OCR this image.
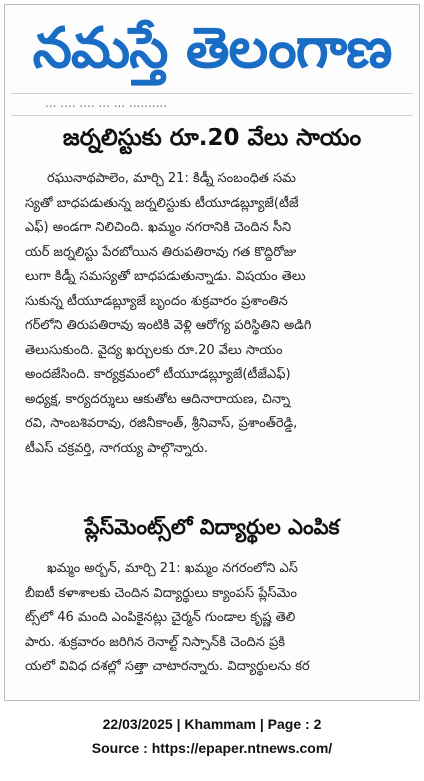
నమస్తే తెలంగాణ
... ..., ..., ... ... ..........
జర్నలిస్టుకు రూ.20 వేలు సాయం
రఘునాథపాలెం, మార్చి 21: కిడ్నీ సంబంధిత సమ
స్యతో బాధపడుతున్న జర్నలిస్టుకు టీయూడబ్ల్యూజే(టీజే
ఎఫ్) అండగా నిలిచింది. ఖమ్మం నగరానికి చెందిన సీని
యర్ జర్నలిస్టు పేరబోయిన తిరుపతిరావు గత కొద్దిరోజు
లుగా కిడ్నీ సమస్యతో బాధపడుతున్నాడు. విషయం తెలు
సుకున్న టీయూడబ్ల్యూజే బృందం శుక్రవారం ప్రశాంతిన
గర్‌లోని తిరుపతిరావు ఇంటికి వెళ్లి ఆరోగ్య పరిస్థితిని అడిగి
తెలుసుకుంది. వైద్య ఖర్చులకు రూ.20 వేలు సాయం
అందజేసింది. కార్యక్రమంలో టీయూడబ్ల్యూజే(టీజేఎఫ్)
అధ్యక్ష, కార్యదర్శులు ఆకుతోట ఆదినారాయణ, చిన్నా
రవి, సాంబశివరావు, రజినీకాంత్, శ్రీనివాస్, ప్రశాంత్‌రెడ్డి,
టీఎస్ చక్రవర్తి, నాగయ్య పాల్గొన్నారు.
ప్లేస్‌మెంట్స్‌లో విద్యార్థుల ఎంపిక
ఖమ్మం అర్బన్, మార్చి 21: ఖమ్మం నగరంలోని ఎస్
బీఐటీ కళాశాలకు చెందిన విద్యార్థులు క్యాంపస్ ప్లేస్‌మెం
ట్స్‌లో 46 మంది ఎంపికైనట్లు చైర్మన్ గుండాల కృష్ణ తెలి
పారు. శుక్రవారం జరిగిన రెనాల్ట్ నిస్సాన్‌కి చెందిన ప్రకి
యలో వివిధ దశల్లో సత్తా చాటారన్నారు. విద్యార్థులను కర
22/03/2025 | Khammam | Page : 2
Source : https://epaper.ntnews.com/
